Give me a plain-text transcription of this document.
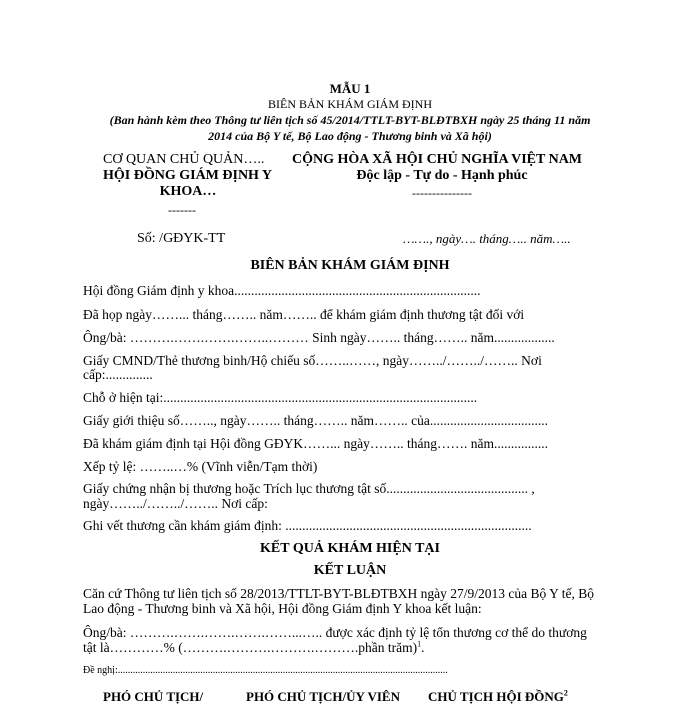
MẪU 1
BIÊN BẢN KHÁM GIÁM ĐỊNH
(Ban hành kèm theo Thông tư liên tịch số 45/2014/TTLT-BYT-BLĐTBXH ngày 25 tháng 11 năm
2014 của Bộ Y tế, Bộ Lao động - Thương binh và Xã hội)
CƠ QUAN CHỦ QUẢN…..
HỘI ĐỒNG GIÁM ĐỊNH Y
KHOA…
-------
CỘNG HÒA XÃ HỘI CHỦ NGHĨA VIỆT NAM
Độc lập - Tự do - Hạnh phúc
---------------
Số: /GĐYK-TT	……., ngày…. tháng….. năm…..
BIÊN BẢN KHÁM GIÁM ĐỊNH
Hội đồng Giám định y khoa.........................................................................
Đã họp ngày……... tháng…….. năm…….. để khám giám định thương tật đối với
Ông/bà: ……….…….…….……..……… Sinh ngày…….. tháng…….. năm..................
Giấy CMND/Thẻ thương binh/Hộ chiếu số……..……, ngày……../……../…….. Nơi
cấp:..............
Chỗ ở hiện tại:.............................................................................................
Giấy giới thiệu số…….., ngày…….. tháng…….. năm…….. của...................................
Đã khám giám định tại Hội đồng GĐYK……... ngày…….. tháng……. năm................
Xếp tỷ lệ: ……..…% (Vĩnh viễn/Tạm thời)
Giấy chứng nhận bị thương hoặc Trích lục thương tật số.......................................... ,
ngày……../……../…….. Nơi cấp:
Ghi vết thương cần khám giám định: .........................................................................
KẾT QUẢ KHÁM HIỆN TẠI
KẾT LUẬN
Căn cứ Thông tư liên tịch số 28/2013/TTLT-BYT-BLĐTBXH ngày 27/9/2013 của Bộ Y tế, Bộ
Lao động - Thương binh và Xã hội, Hội đồng Giám định Y khoa kết luận:
Ông/bà: ……….…….…….…….……...….. được xác định tỷ lệ tổn thương cơ thể do thương
tật là…………% (……….……….……….……….phần trăm)$^1$.
Đề nghị:....................................................................................................................................
PHÓ CHỦ TỊCH/	PHÓ CHỦ TỊCH/ỦY VIÊN CHỦ TỊCH HỘI ĐỒNG$^2$
